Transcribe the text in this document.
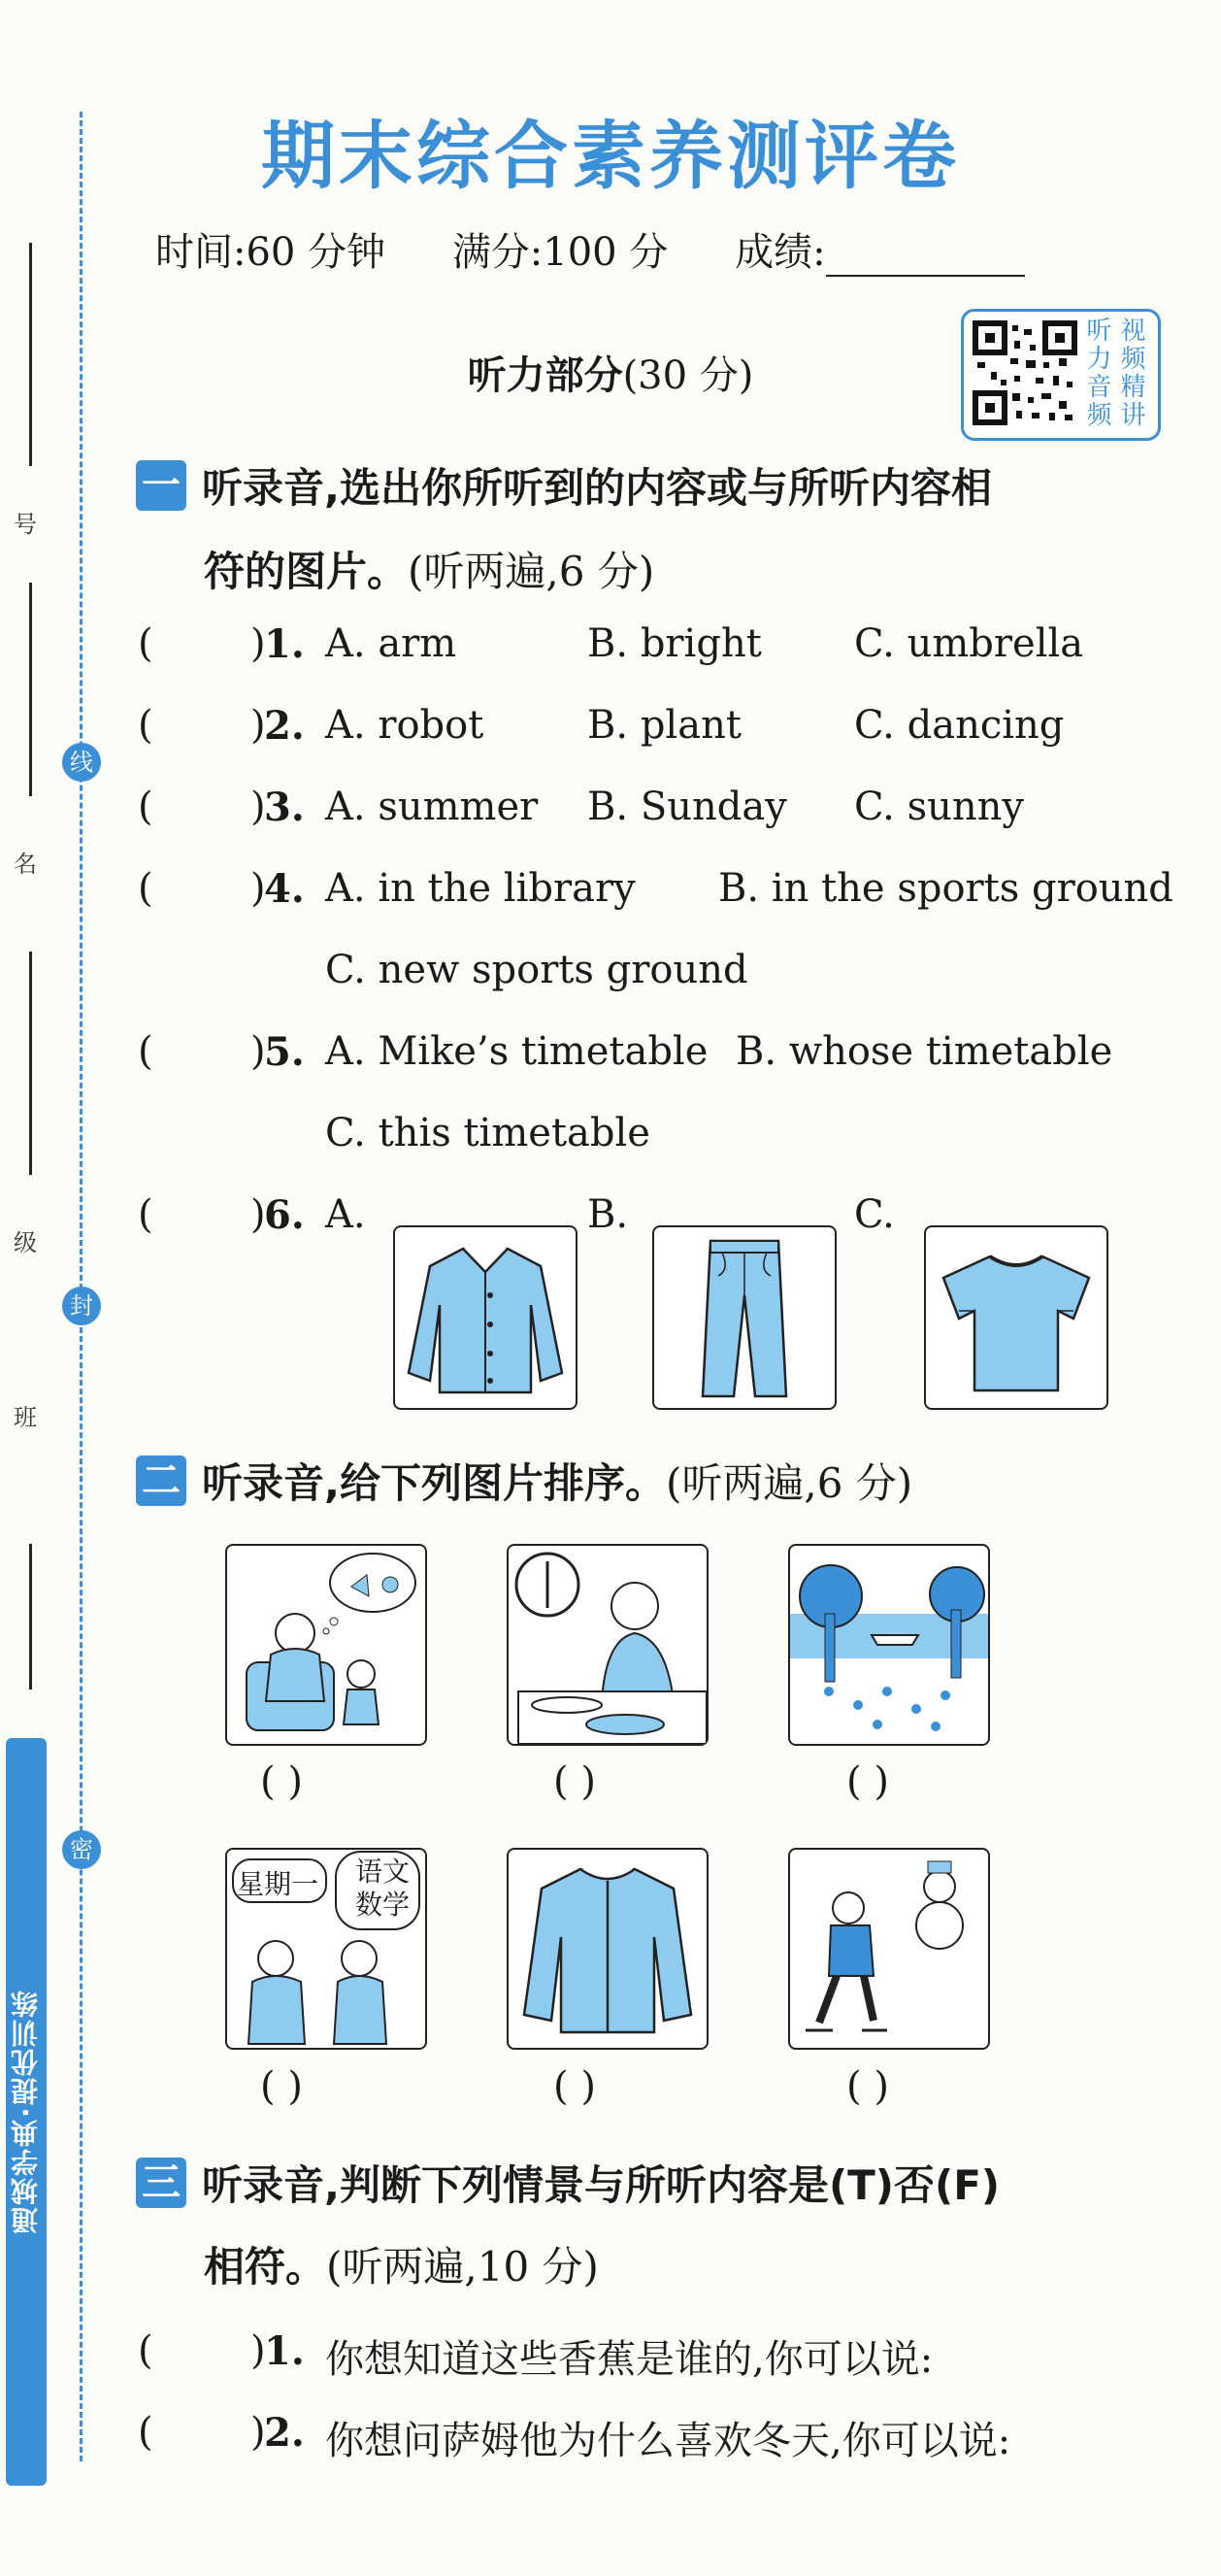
号
名
级
班
线
封
密
通城学典·提优训练
期末综合素养测评卷
时间:60 分钟 满分:100 分 成绩:
听 视
力 频
音 精
频 讲
听力部分(30 分)
一 听录音,选出你所听到的内容或与所听内容相
符的图片。(听两遍,6 分)
(	)
1. A. arm	B. bright C. umbrella
(	)
2. A. robot	B. plant	C. dancing
(	)
3. A. summer B. Sunday C. sunny
(	)
4. A. in the library B. in the sports ground
C. new sports ground
(	)
5. A. Mike’s timetable B. whose timetable
C. this timetable
(	)
6. A.	B.	C.
二 听录音,给下列图片排序。(听两遍,6 分)
( )	( )	( )
星期一 语文数学
( )	( )	( )
三 听录音,判断下列情景与所听内容是(T)否(F)
相符。(听两遍,10 分)
(	)
1. 你想知道这些香蕉是谁的,你可以说:
(	)
2. 你想问萨姆他为什么喜欢冬天,你可以说:
